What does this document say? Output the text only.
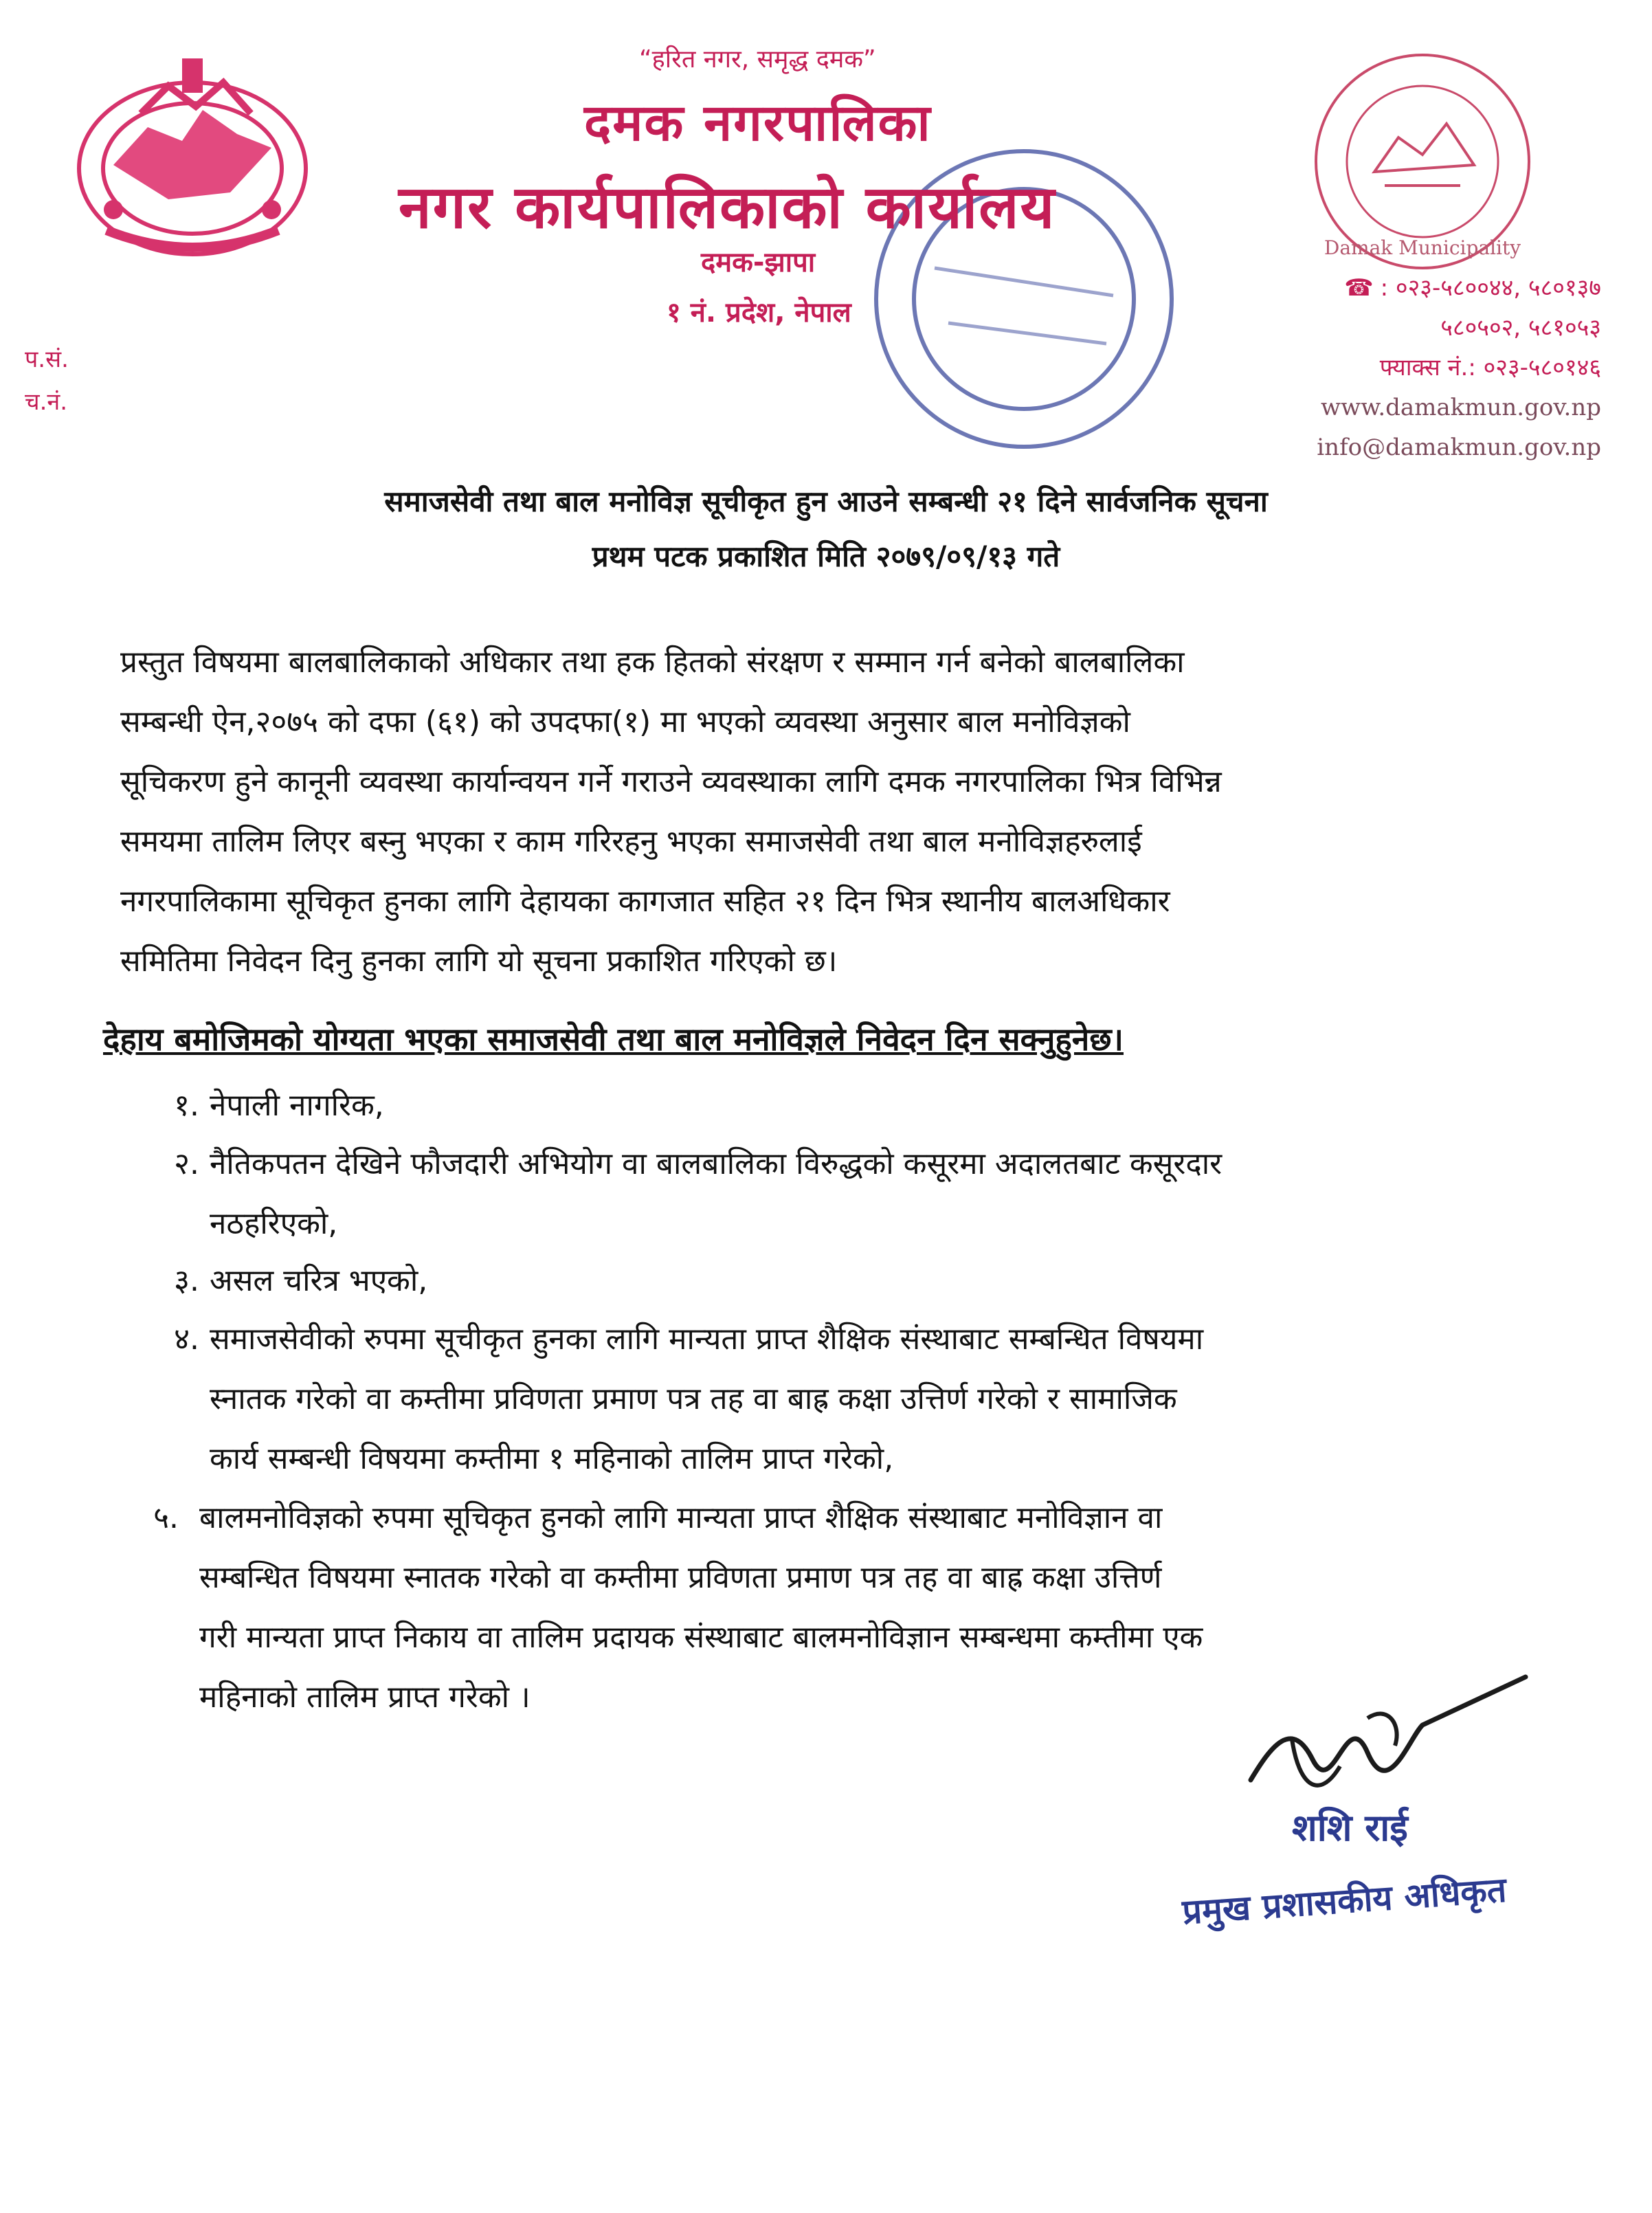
Damak Municipality
“हरित नगर, समृद्ध दमक”
दमक नगरपालिका
नगर कार्यपालिकाको कार्यालय
दमक-झापा
१ नं. प्रदेश, नेपाल
प.सं.
च.नं.
☎ : ०२३-५८००४४, ५८०१३७
५८०५०२, ५८१०५३
फ्याक्स नं.: ०२३-५८०१४६
www.damakmun.gov.np
info@damakmun.gov.np
समाजसेवी तथा बाल मनोविज्ञ सूचीकृत हुन आउने सम्बन्धी २१ दिने सार्वजनिक सूचना
प्रथम पटक प्रकाशित मिति २०७९/०९/१३ गते
प्रस्तुत विषयमा बालबालिकाको अधिकार तथा हक हितको संरक्षण र सम्मान गर्न बनेको बालबालिका
सम्बन्धी ऐन,२०७५ को दफा (६१) को उपदफा(१) मा भएको व्यवस्था अनुसार बाल मनोविज्ञको
सूचिकरण हुने कानूनी व्यवस्था कार्यान्वयन गर्ने गराउने व्यवस्थाका लागि दमक नगरपालिका भित्र विभिन्न
समयमा तालिम लिएर बस्नु भएका र काम गरिरहनु भएका समाजसेवी तथा बाल मनोविज्ञहरुलाई
नगरपालिकामा सूचिकृत हुनका लागि देहायका कागजात सहित २१ दिन भित्र स्थानीय बालअधिकार
समितिमा निवेदन दिनु हुनका लागि यो सूचना प्रकाशित गरिएको छ।
देहाय बमोजिमको योग्यता भएका समाजसेवी तथा बाल मनोविज्ञले निवेदन दिन सक्नुहुनेछ।
१. नेपाली नागरिक,
२. नैतिकपतन देखिने फौजदारी अभियोग वा बालबालिका विरुद्धको कसूरमा अदालतबाट कसूरदार
नठहरिएको,
३. असल चरित्र भएको,
४. समाजसेवीको रुपमा सूचीकृत हुनका लागि मान्यता प्राप्त शैक्षिक संस्थाबाट सम्बन्धित विषयमा
स्नातक गरेको वा कम्तीमा प्रविणता प्रमाण पत्र तह वा बाह्र कक्षा उत्तिर्ण गरेको र सामाजिक
कार्य सम्बन्धी विषयमा कम्तीमा १ महिनाको तालिम प्राप्त गरेको,
५. बालमनोविज्ञको रुपमा सूचिकृत हुनको लागि मान्यता प्राप्त शैक्षिक संस्थाबाट मनोविज्ञान वा
सम्बन्धित विषयमा स्नातक गरेको वा कम्तीमा प्रविणता प्रमाण पत्र तह वा बाह्र कक्षा उत्तिर्ण
गरी मान्यता प्राप्त निकाय वा तालिम प्रदायक संस्थाबाट बालमनोविज्ञान सम्बन्धमा कम्तीमा एक
महिनाको तालिम प्राप्त गरेको ।
शशि राई
प्रमुख प्रशासकीय अधिकृत
